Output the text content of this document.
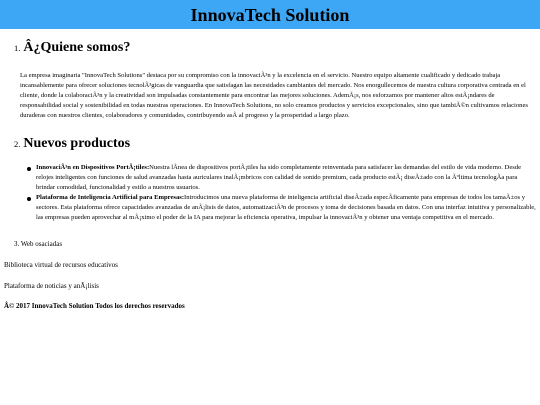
InnovaTech Solution
1. Â¿Quiene somos?

La empresa imaginaria "InnovaTech Solutions" destaca por su compromiso con la innovaciÃ³n y la excelencia en el servicio. Nuestro equipo altamente cualificado y dedicado trabaja incansablemente para ofrecer soluciones tecnolÃ³gicas de vanguardia que satisfagan las necesidades cambiantes del mercado. Nos enorgullecemos de nuestra cultura corporativa centrada en el cliente, donde la colaboraciÃ³n y la creatividad son impulsadas constantemente para encontrar las mejores soluciones. AdemÃ¡s, nos esforzamos por mantener altos estÃ¡ndares de responsabilidad social y sostenibilidad en todas nuestras operaciones. En InnovaTech Solutions, no solo creamos productos y servicios excepcionales, sino que tambiÃ©n cultivamos relaciones duraderas con nuestros clientes, colaboradores y comunidades, contribuyendo asÃ al progreso y la prosperidad a largo plazo.

2. Nuevos productos
InnovaciÃ³n en Dispositivos PortÃ¡tiles:Nuestra lÃnea de dispositivos portÃ¡tiles ha sido completamente reinventada para satisfacer las demandas del estilo de vida moderno. Desde relojes inteligentes con funciones de salud avanzadas hasta auriculares inalÃ¡mbricos con calidad de sonido premium, cada producto estÃ¡ diseÃ±ado con la Ãºltima tecnologÃa para brindar comodidad, funcionalidad y estilo a nuestros usuarios.
Plataforma de Inteligencia Artificial para Empresas:Introducimos una nueva plataforma de inteligencia artificial diseÃ±ada especÃficamente para empresas de todos los tamaÃ±os y sectores. Esta plataforma ofrece capacidades avanzadas de anÃ¡lisis de datos, automatizaciÃ³n de procesos y toma de decisiones basada en datos. Con una interfaz intuitiva y personalizable, las empresas pueden aprovechar al mÃ¡ximo el poder de la IA para mejorar la eficiencia operativa, impulsar la innovaciÃ³n y obtener una ventaja competitiva en el mercado.
3. Web osaciadas
Biblioteca virtual de recursos educativos
Plataforma de noticias y anÃ¡lisis
Â© 2017 InnovaTech Solution Todos los derechos reservados
